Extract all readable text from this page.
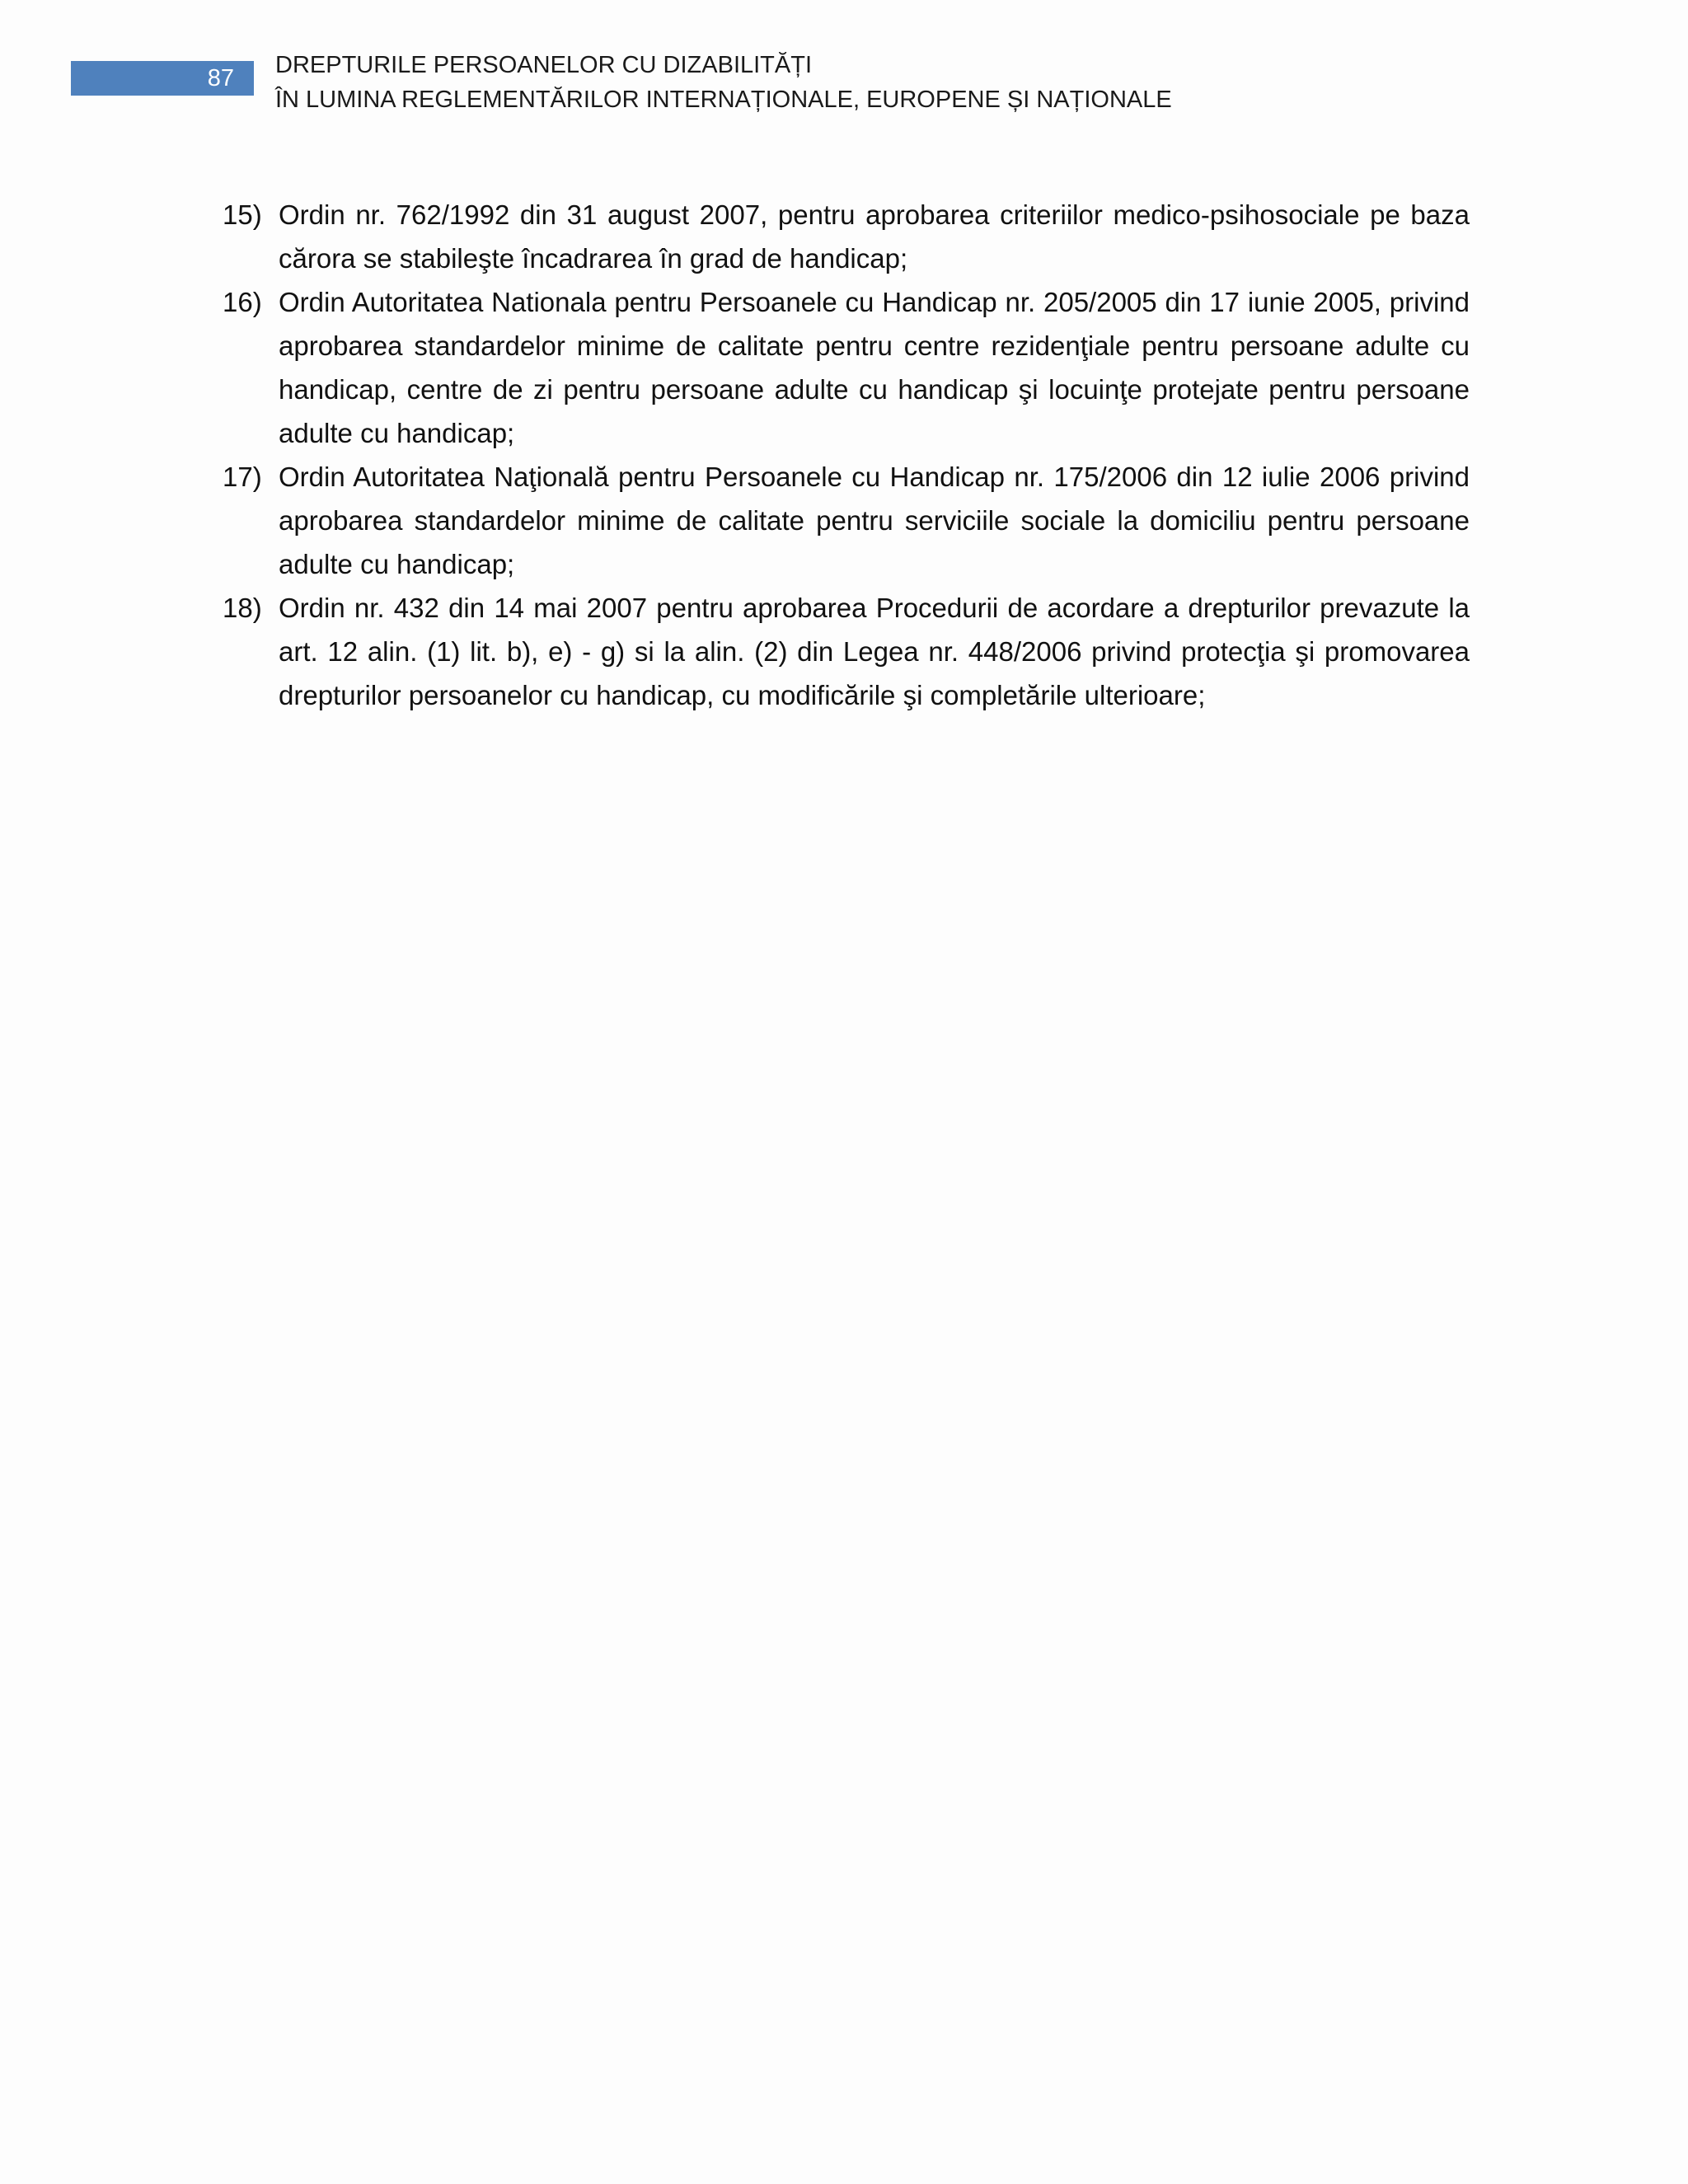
87 DREPTURILE PERSOANELOR CU DIZABILITĂȚI
ÎN LUMINA REGLEMENTĂRILOR INTERNAȚIONALE, EUROPENE ȘI NAȚIONALE
15) Ordin nr. 762/1992 din 31 august 2007, pentru aprobarea criteriilor medico-psihosociale pe baza cărora se stabileşte încadrarea în grad de handicap;
16) Ordin Autoritatea Nationala pentru Persoanele cu Handicap nr. 205/2005 din 17 iunie 2005, privind aprobarea standardelor minime de calitate pentru centre rezidenţiale pentru persoane adulte cu handicap, centre de zi pentru persoane adulte cu handicap şi locuinţe protejate pentru persoane adulte cu handicap;
17) Ordin Autoritatea Naţională pentru Persoanele cu Handicap nr. 175/2006 din 12 iulie 2006 privind aprobarea standardelor minime de calitate pentru serviciile sociale la domiciliu pentru persoane adulte cu handicap;
18) Ordin nr. 432 din 14 mai 2007 pentru aprobarea Procedurii de acordare a drepturilor prevazute la art. 12 alin. (1) lit. b), e) - g) si la alin. (2) din Legea nr. 448/2006 privind protecţia şi promovarea drepturilor persoanelor cu handicap, cu modificările şi completările ulterioare;
